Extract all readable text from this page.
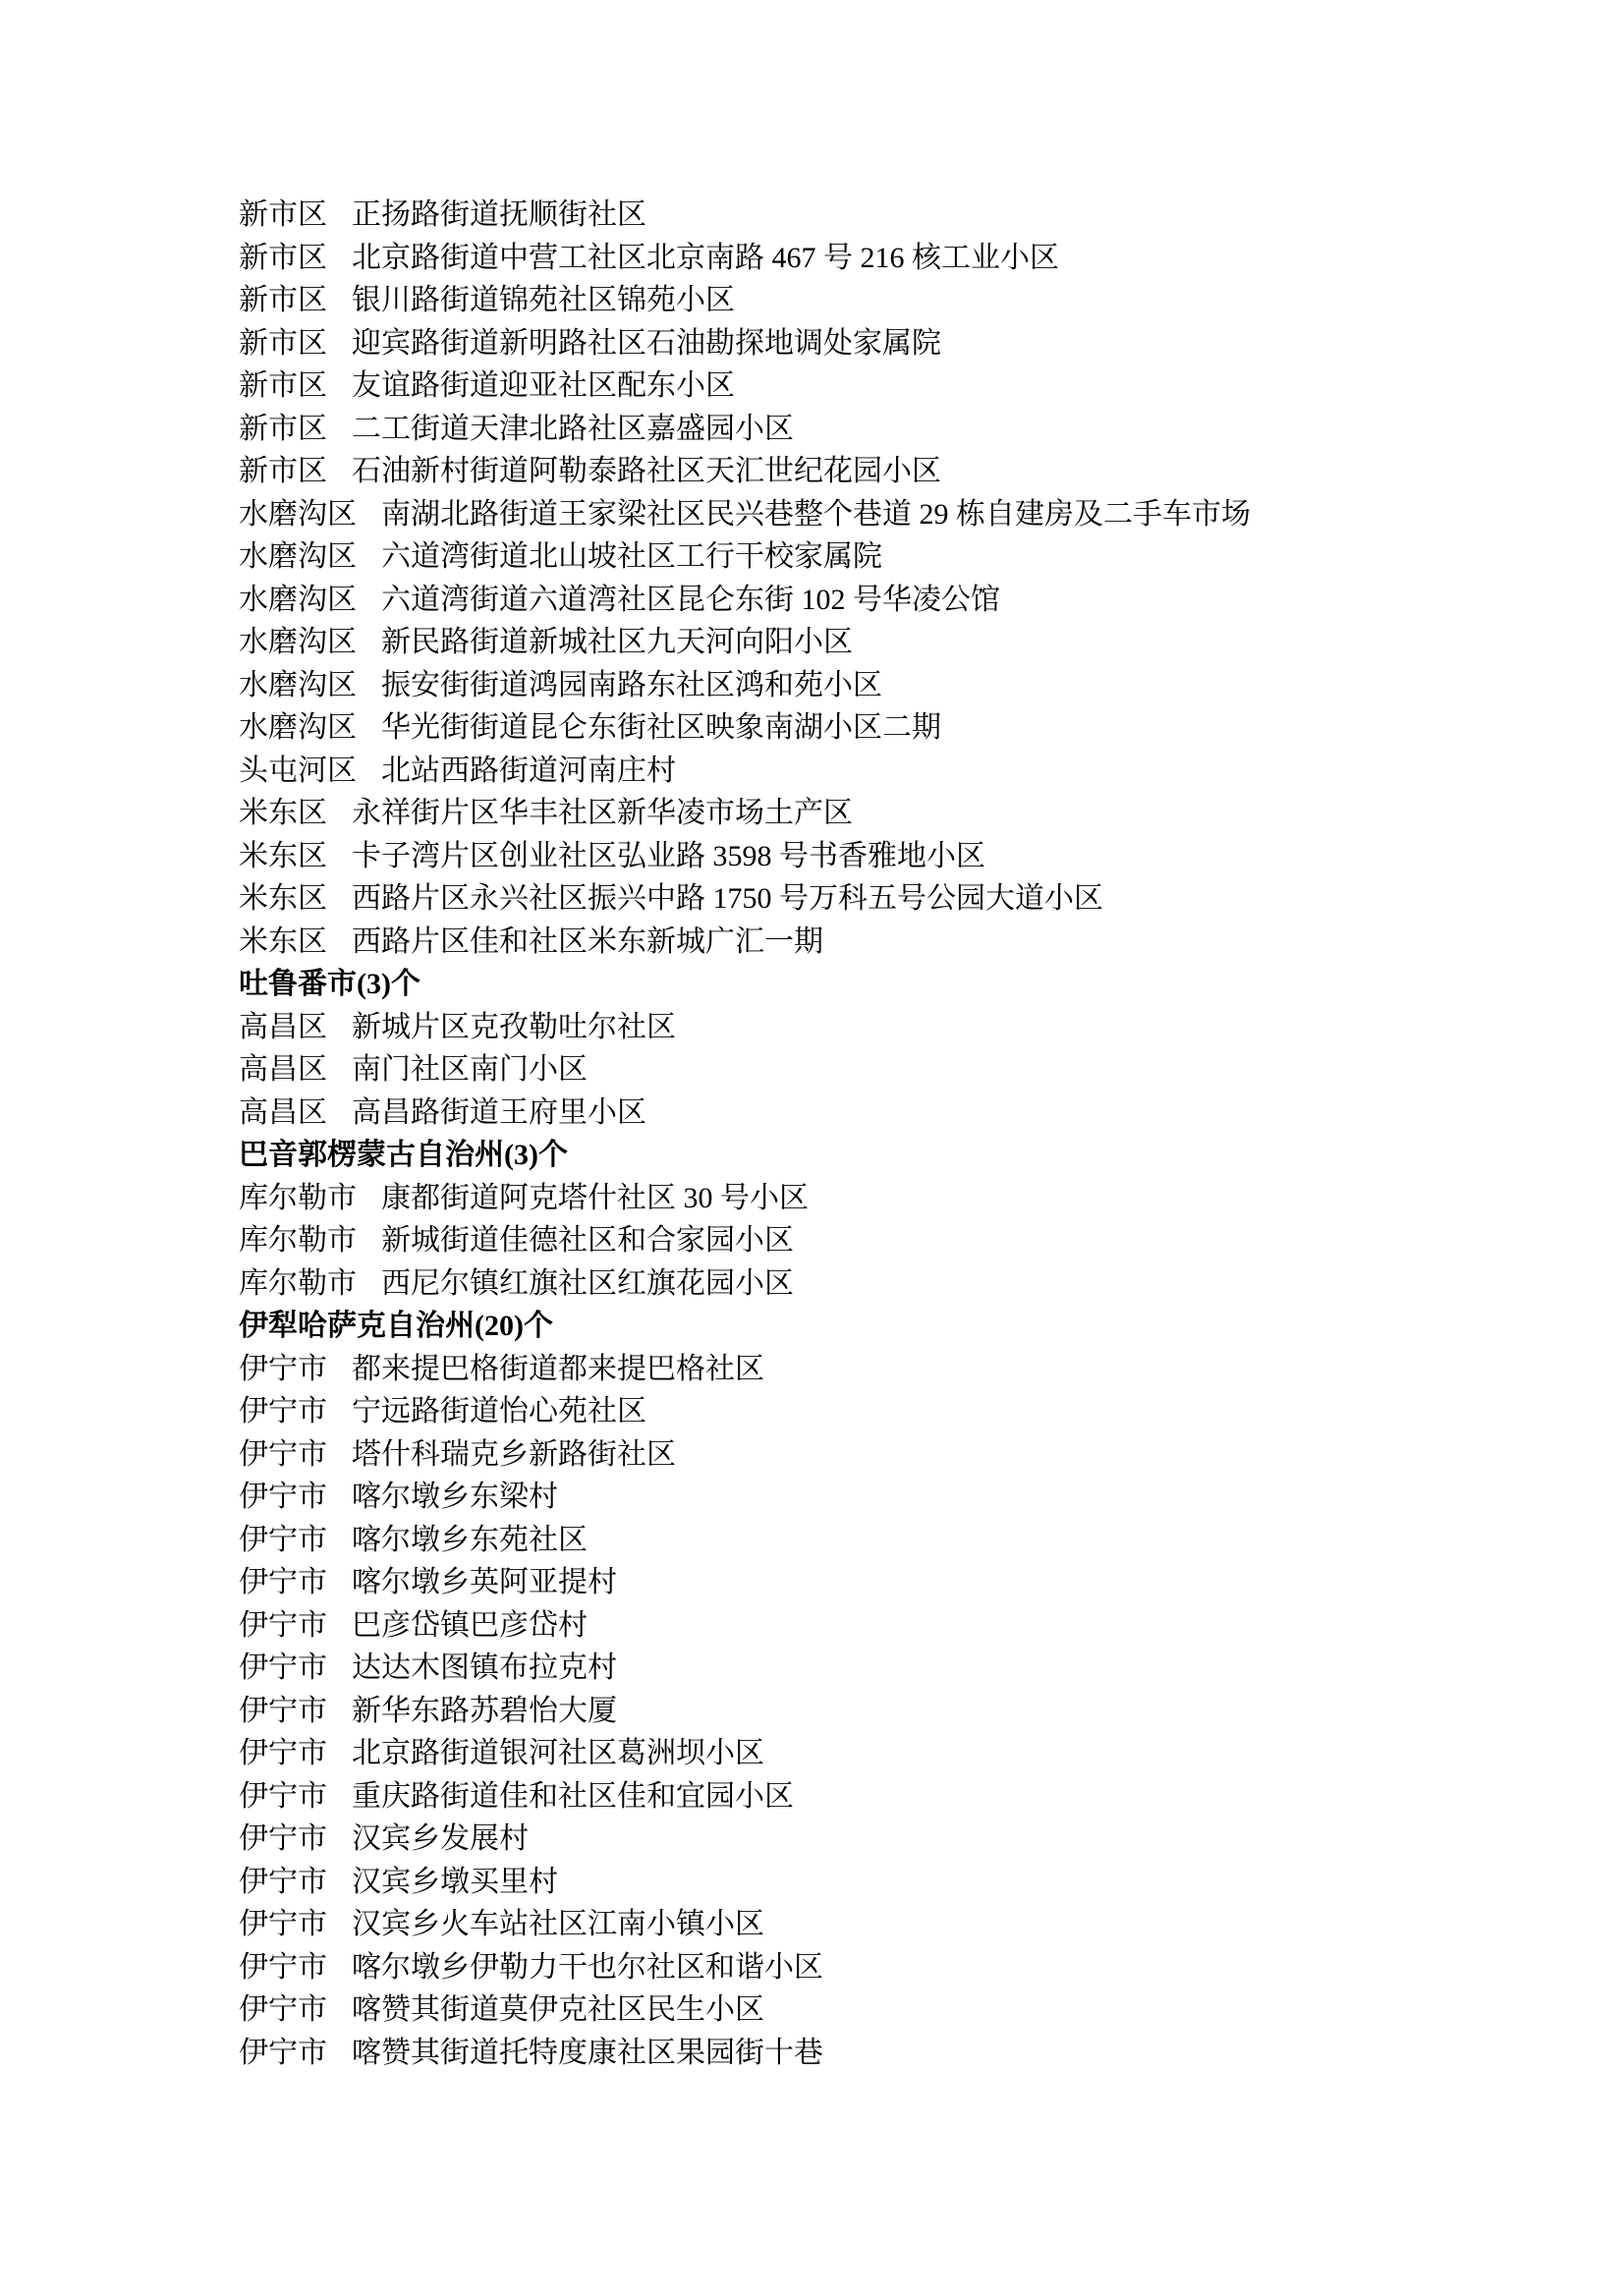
新市区 正扬路街道抚顺街社区
新市区 北京路街道中营工社区北京南路 467 号 216 核工业小区
新市区 银川路街道锦苑社区锦苑小区
新市区 迎宾路街道新明路社区石油勘探地调处家属院
新市区 友谊路街道迎亚社区配东小区
新市区 二工街道天津北路社区嘉盛园小区
新市区 石油新村街道阿勒泰路社区天汇世纪花园小区
水磨沟区 南湖北路街道王家梁社区民兴巷整个巷道 29 栋自建房及二手车市场
水磨沟区 六道湾街道北山坡社区工行干校家属院
水磨沟区 六道湾街道六道湾社区昆仑东街 102 号华凌公馆
水磨沟区 新民路街道新城社区九天河向阳小区
水磨沟区 振安街街道鸿园南路东社区鸿和苑小区
水磨沟区 华光街街道昆仑东街社区映象南湖小区二期
头屯河区 北站西路街道河南庄村
米东区 永祥街片区华丰社区新华凌市场土产区
米东区 卡子湾片区创业社区弘业路 3598 号书香雅地小区
米东区 西路片区永兴社区振兴中路 1750 号万科五号公园大道小区
米东区 西路片区佳和社区米东新城广汇一期
吐鲁番市(3)个
高昌区 新城片区克孜勒吐尔社区
高昌区 南门社区南门小区
高昌区 高昌路街道王府里小区
巴音郭楞蒙古自治州(3)个
库尔勒市 康都街道阿克塔什社区 30 号小区
库尔勒市 新城街道佳德社区和合家园小区
库尔勒市 西尼尔镇红旗社区红旗花园小区
伊犁哈萨克自治州(20)个
伊宁市 都来提巴格街道都来提巴格社区
伊宁市 宁远路街道怡心苑社区
伊宁市 塔什科瑞克乡新路街社区
伊宁市 喀尔墩乡东梁村
伊宁市 喀尔墩乡东苑社区
伊宁市 喀尔墩乡英阿亚提村
伊宁市 巴彦岱镇巴彦岱村
伊宁市 达达木图镇布拉克村
伊宁市 新华东路苏碧怡大厦
伊宁市 北京路街道银河社区葛洲坝小区
伊宁市 重庆路街道佳和社区佳和宜园小区
伊宁市 汉宾乡发展村
伊宁市 汉宾乡墩买里村
伊宁市 汉宾乡火车站社区江南小镇小区
伊宁市 喀尔墩乡伊勒力干也尔社区和谐小区
伊宁市 喀赞其街道莫伊克社区民生小区
伊宁市 喀赞其街道托特度康社区果园街十巷
